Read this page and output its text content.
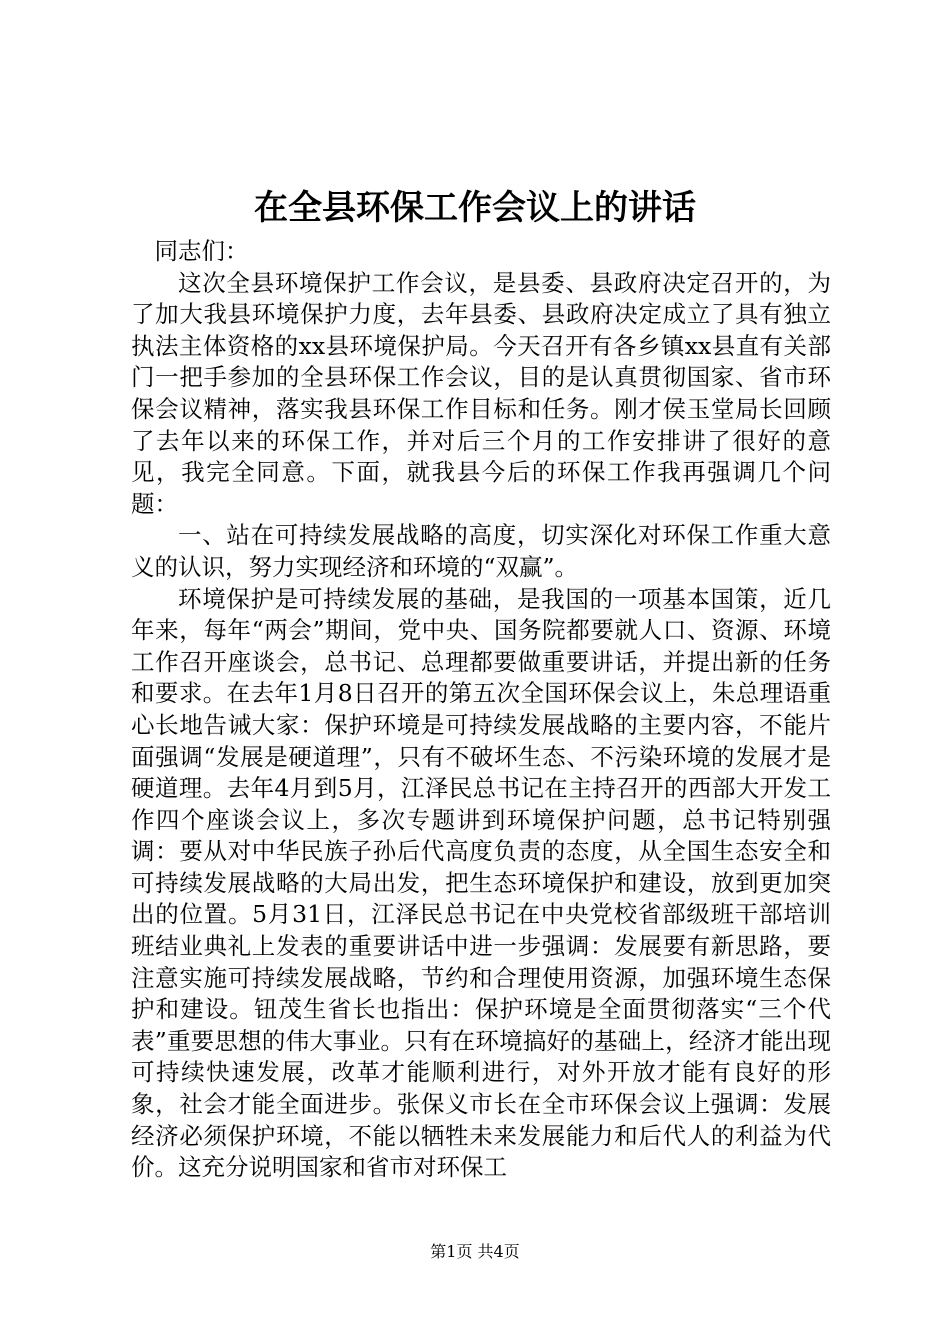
在全县环保工作会议上的讲话

同志们：

这次全县环境保护工作会议，是县委、县政府决定召开的，为了加大我县环境保护力度，去年县委、县政府决定成立了具有独立执法主体资格的xx县环境保护局。今天召开有各乡镇xx县直有关部门一把手参加的全县环保工作会议，目的是认真贯彻国家、省市环保会议精神，落实我县环保工作目标和任务。刚才侯玉堂局长回顾了去年以来的环保工作，并对后三个月的工作安排讲了很好的意见，我完全同意。下面，就我县今后的环保工作我再强调几个问题：

一、站在可持续发展战略的高度，切实深化对环保工作重大意义的认识，努力实现经济和环境的“双赢”。

环境保护是可持续发展的基础，是我国的一项基本国策，近几年来，每年“两会”期间，党中央、国务院都要就人口、资源、环境工作召开座谈会，总书记、总理都要做重要讲话，并提出新的任务和要求。在去年1月8日召开的第五次全国环保会议上，朱总理语重心长地告诫大家：保护环境是可持续发展战略的主要内容，不能片面强调“发展是硬道理”，只有不破坏生态、不污染环境的发展才是硬道理。去年4月到5月，江泽民总书记在主持召开的西部大开发工作四个座谈会议上，多次专题讲到环境保护问题，总书记特别强调：要从对中华民族子孙后代高度负责的态度，从全国生态安全和可持续发展战略的大局出发，把生态环境保护和建设，放到更加突出的位置。5月31日，江泽民总书记在中央党校省部级班干部培训班结业典礼上发表的重要讲话中进一步强调：发展要有新思路，要注意实施可持续发展战略，节约和合理使用资源，加强环境生态保护和建设。钮茂生省长也指出：保护环境是全面贯彻落实“三个代表”重要思想的伟大事业。只有在环境搞好的基础上，经济才能出现可持续快速发展，改革才能顺利进行，对外开放才能有良好的形象，社会才能全面进步。张保义市长在全市环保会议上强调：发展经济必须保护环境，不能以牺牲未来发展能力和后代人的利益为代价。这充分说明国家和省市对环保工

第1页 共4页
